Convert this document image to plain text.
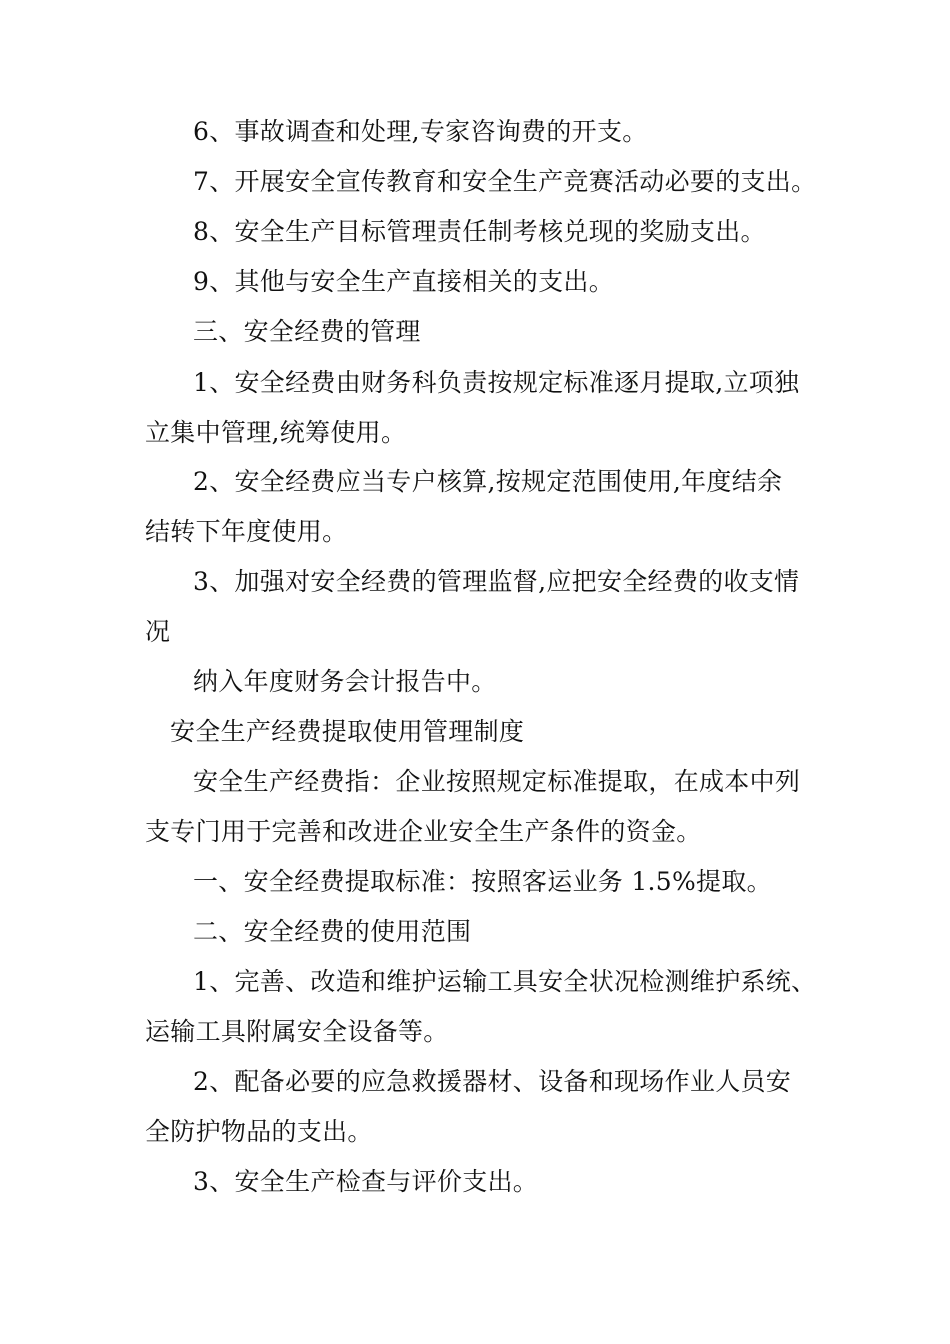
6、事故调查和处理,专家咨询费的开支。
7、开展安全宣传教育和安全生产竞赛活动必要的支出。
8、安全生产目标管理责任制考核兑现的奖励支出。
9、其他与安全生产直接相关的支出。
三、安全经费的管理
1、安全经费由财务科负责按规定标准逐月提取,立项独
立集中管理,统筹使用。
2、安全经费应当专户核算,按规定范围使用,年度结余
结转下年度使用。
3、加强对安全经费的管理监督,应把安全经费的收支情
况
纳入年度财务会计报告中。
安全生产经费提取使用管理制度
安全生产经费指：企业按照规定标准提取，在成本中列
支专门用于完善和改进企业安全生产条件的资金。
一、安全经费提取标准：按照客运业务 1.5%提取。
二、安全经费的使用范围
1、完善、改造和维护运输工具安全状况检测维护系统、
运输工具附属安全设备等。
2、配备必要的应急救援器材、设备和现场作业人员安
全防护物品的支出。
3、安全生产检查与评价支出。
